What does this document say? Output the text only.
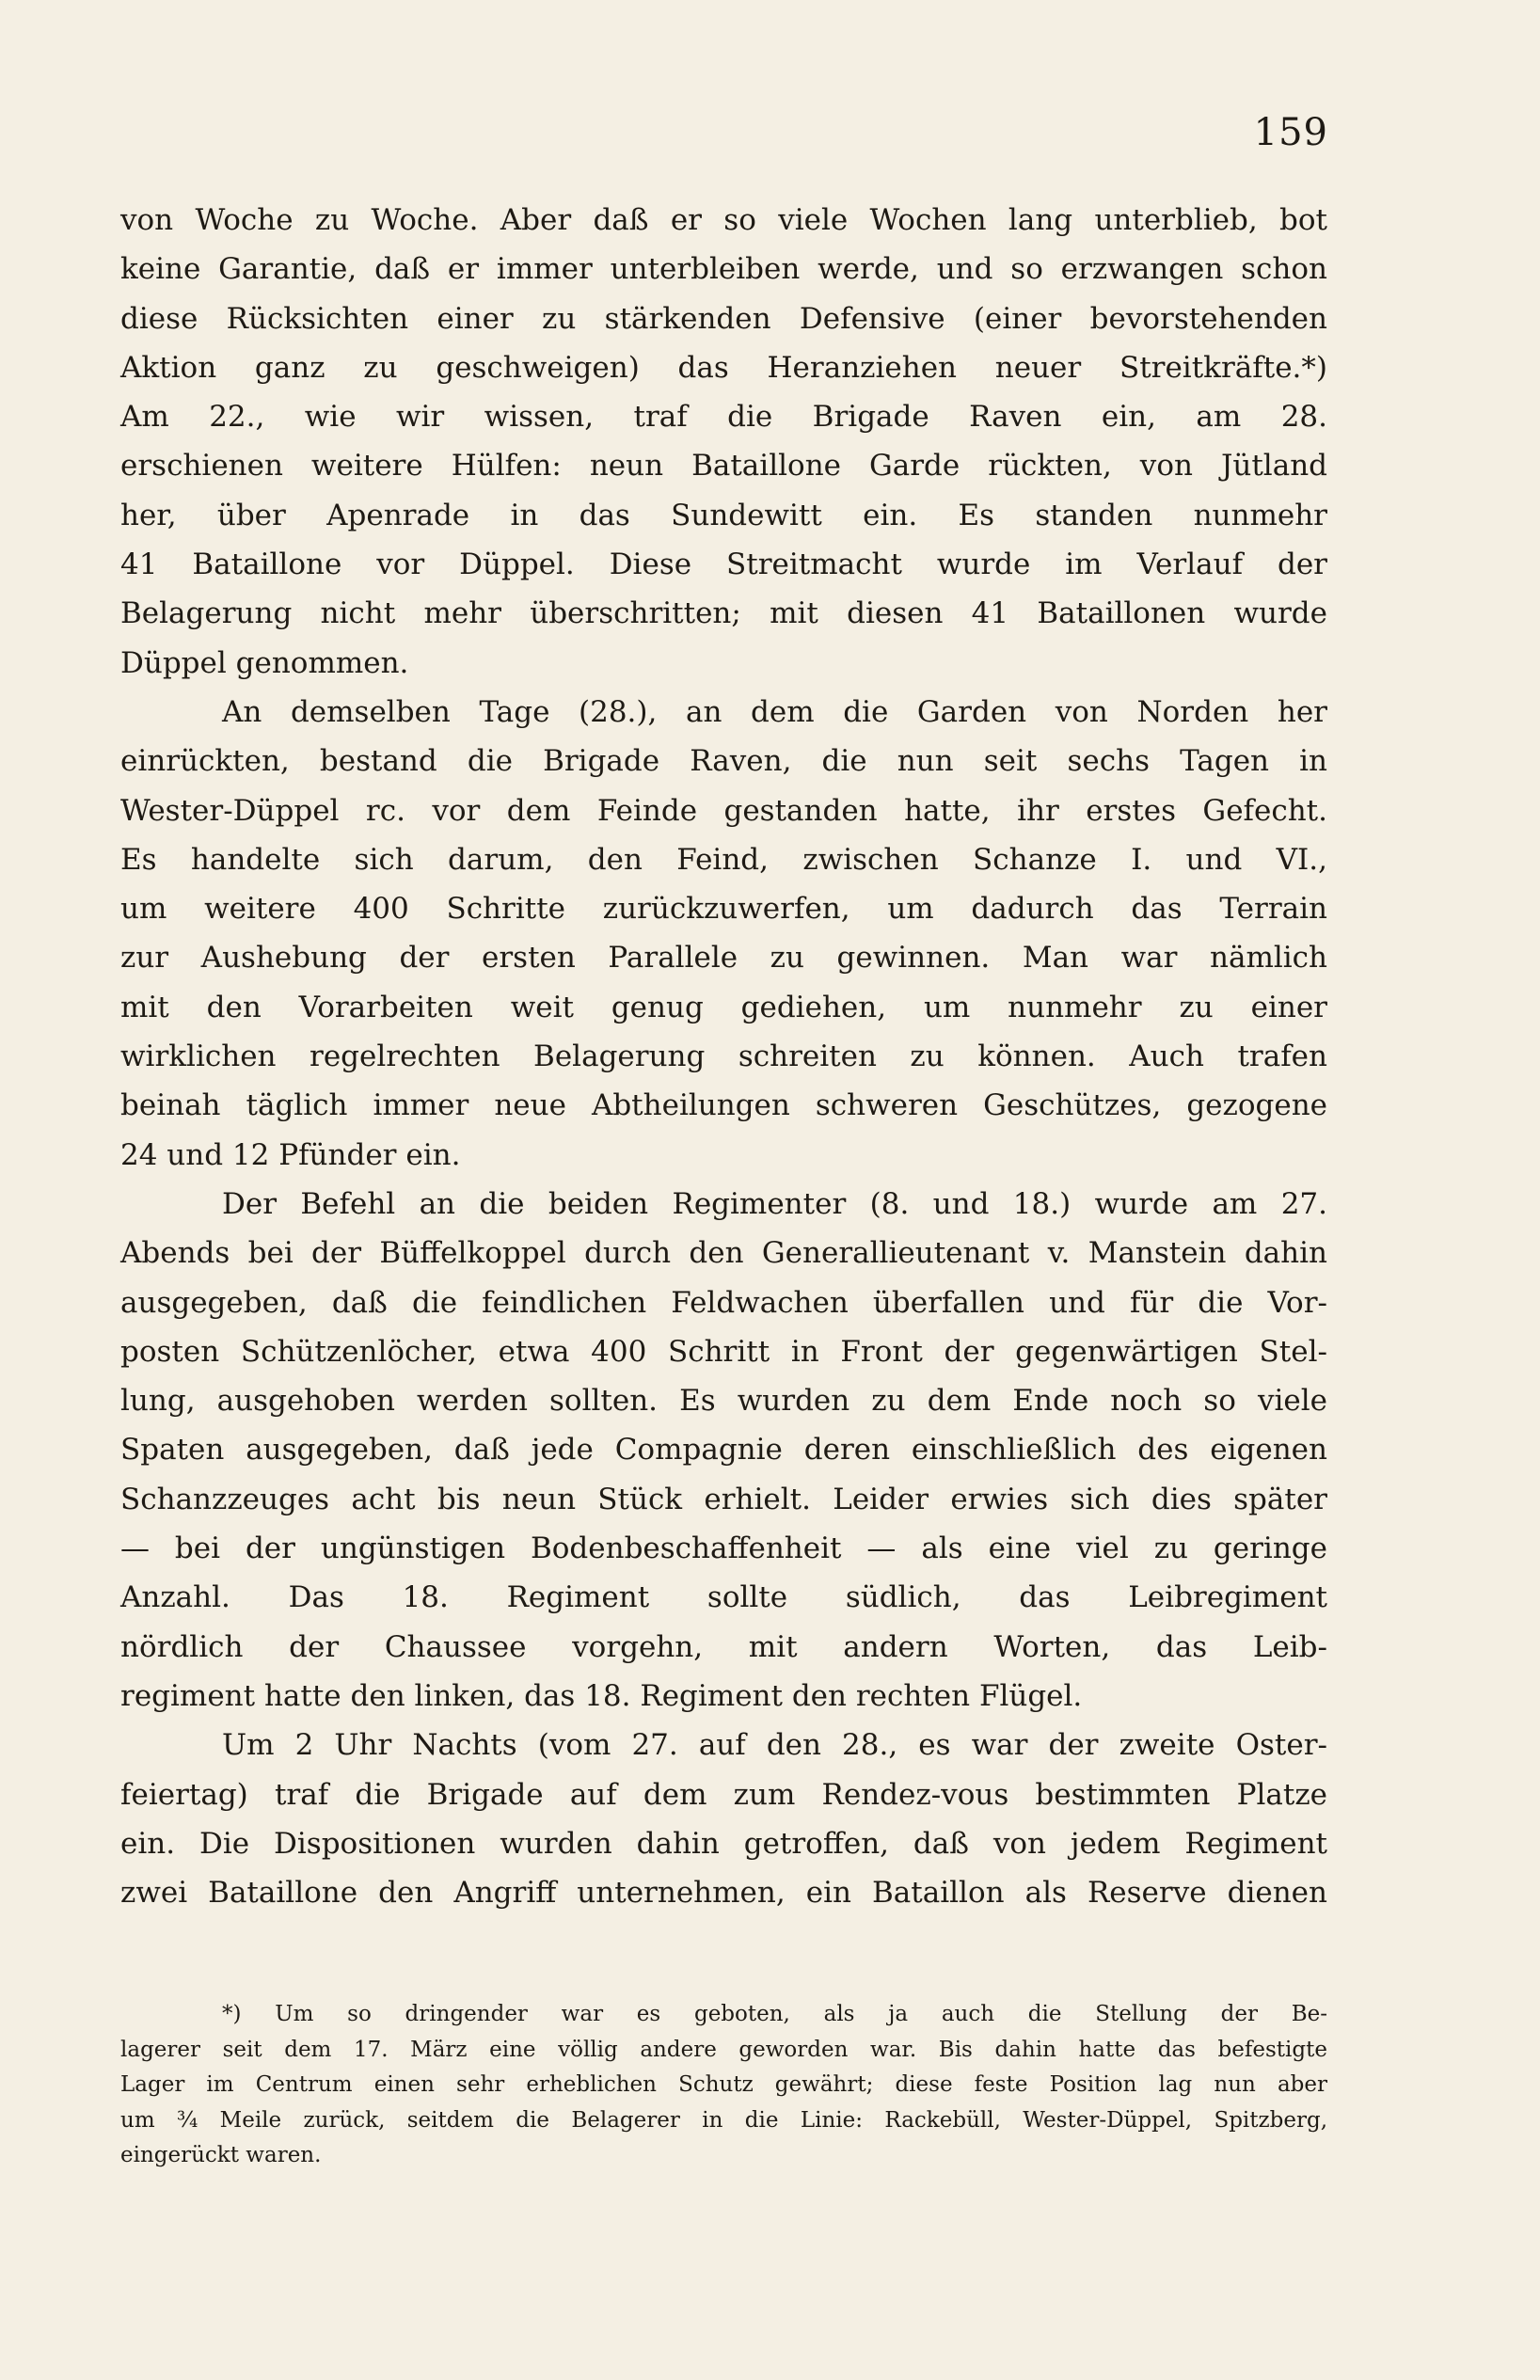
159
von Woche zu Woche. Aber daß er so viele Wochen lang unterblieb, bot
keine Garantie, daß er immer unterbleiben werde, und so erzwangen schon
diese Rücksichten einer zu stärkenden Defensive (einer bevorstehenden
Aktion ganz zu geschweigen) das Heranziehen neuer Streitkräfte.*)
Am 22., wie wir wissen, traf die Brigade Raven ein, am 28.
erschienen weitere Hülfen: neun Bataillone Garde rückten, von Jütland
her, über Apenrade in das Sundewitt ein. Es standen nunmehr
41 Bataillone vor Düppel. Diese Streitmacht wurde im Verlauf der
Belagerung nicht mehr überschritten; mit diesen 41 Bataillonen wurde
Düppel genommen.
An demselben Tage (28.), an dem die Garden von Norden her
einrückten, bestand die Brigade Raven, die nun seit sechs Tagen in
Wester-Düppel rc. vor dem Feinde gestanden hatte, ihr erstes Gefecht.
Es handelte sich darum, den Feind, zwischen Schanze I. und VI.,
um weitere 400 Schritte zurückzuwerfen, um dadurch das Terrain
zur Aushebung der ersten Parallele zu gewinnen. Man war nämlich
mit den Vorarbeiten weit genug gediehen, um nunmehr zu einer
wirklichen regelrechten Belagerung schreiten zu können. Auch trafen
beinah täglich immer neue Abtheilungen schweren Geschützes, gezogene
24 und 12 Pfünder ein.
Der Befehl an die beiden Regimenter (8. und 18.) wurde am 27.
Abends bei der Büffelkoppel durch den Generallieutenant v. Manstein dahin
ausgegeben, daß die feindlichen Feldwachen überfallen und für die Vor-
posten Schützenlöcher, etwa 400 Schritt in Front der gegenwärtigen Stel-
lung, ausgehoben werden sollten. Es wurden zu dem Ende noch so viele
Spaten ausgegeben, daß jede Compagnie deren einschließlich des eigenen
Schanzzeuges acht bis neun Stück erhielt. Leider erwies sich dies später
— bei der ungünstigen Bodenbeschaffenheit — als eine viel zu geringe
Anzahl. Das 18. Regiment sollte südlich, das Leibregiment
nördlich der Chaussee vorgehn, mit andern Worten, das Leib-
regiment hatte den linken, das 18. Regiment den rechten Flügel.
Um 2 Uhr Nachts (vom 27. auf den 28., es war der zweite Oster-
feiertag) traf die Brigade auf dem zum Rendez-vous bestimmten Platze
ein. Die Dispositionen wurden dahin getroffen, daß von jedem Regiment
zwei Bataillone den Angriff unternehmen, ein Bataillon als Reserve dienen
*) Um so dringender war es geboten, als ja auch die Stellung der Be-
lagerer seit dem 17. März eine völlig andere geworden war. Bis dahin hatte das befestigte
Lager im Centrum einen sehr erheblichen Schutz gewährt; diese feste Position lag nun aber
um ¾ Meile zurück, seitdem die Belagerer in die Linie: Rackebüll, Wester-Düppel, Spitzberg,
eingerückt waren.
